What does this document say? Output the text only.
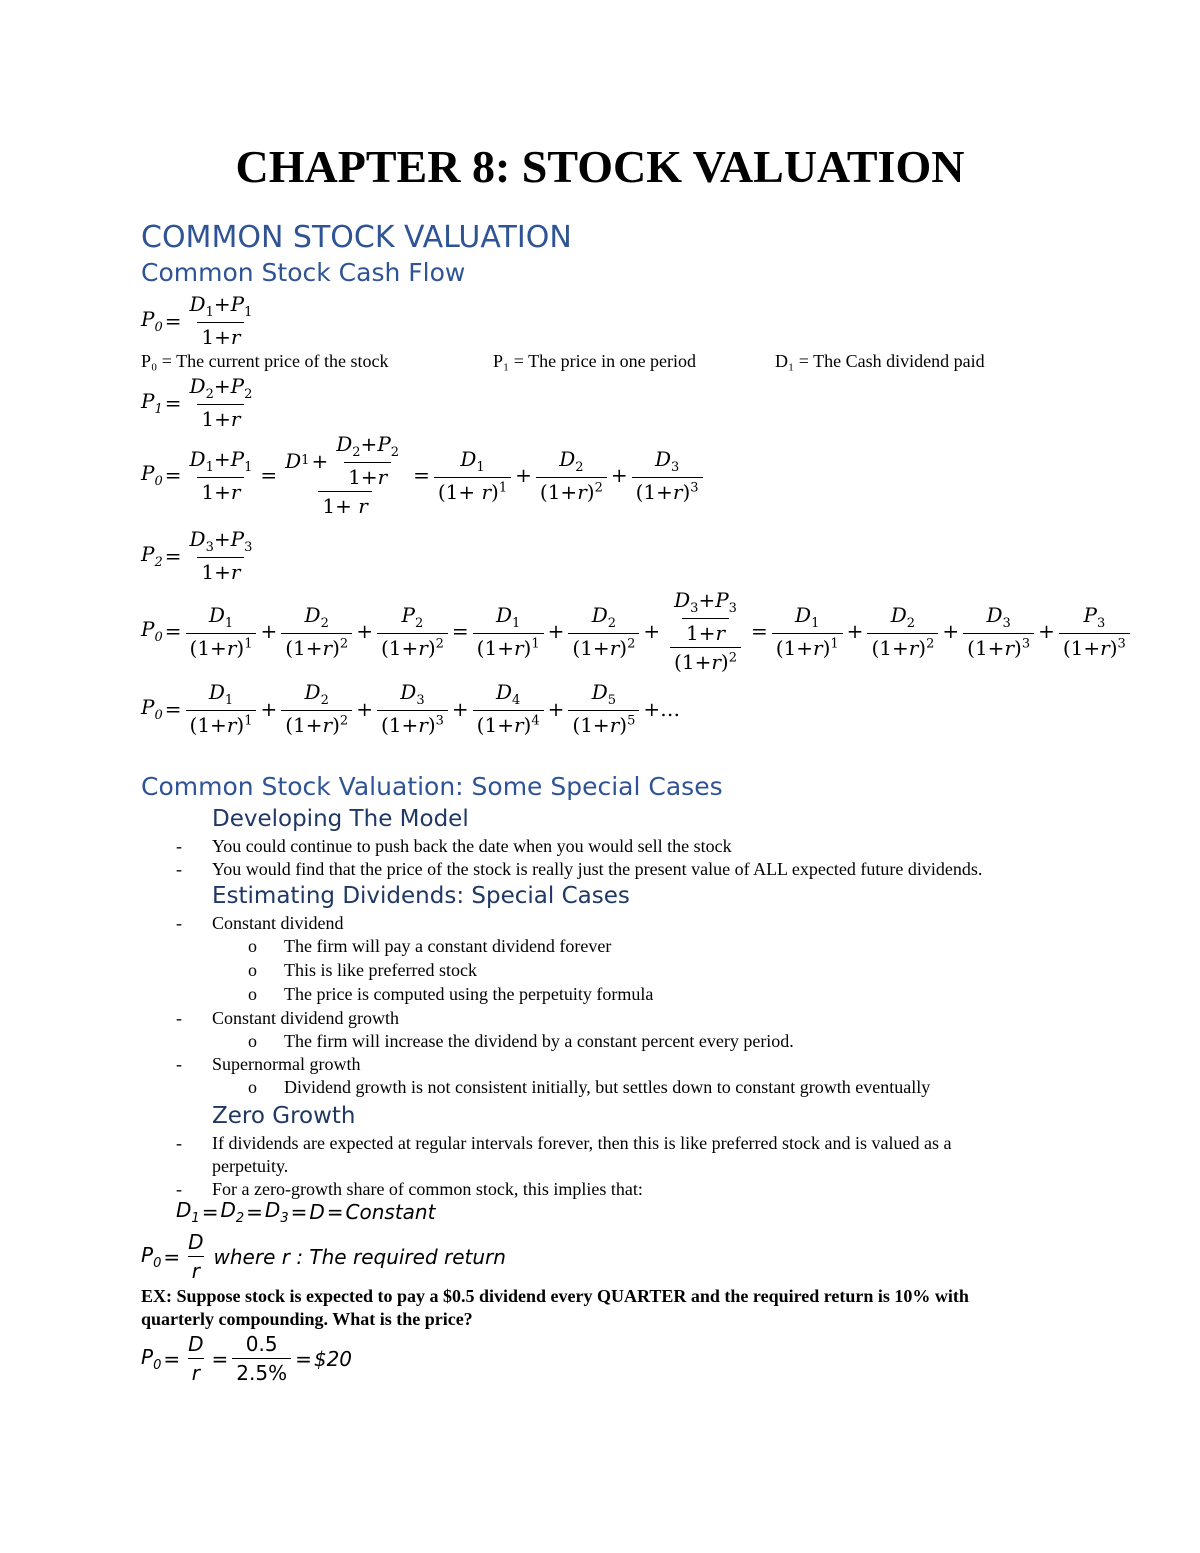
CHAPTER 8: STOCK VALUATION
COMMON STOCK VALUATION
Common Stock Cash Flow
$P_0 = \frac{D_1+P_1}{1+r}$
P₀ = The current price of the stock	P₁ = The price in one period	D₁ = The Cash dividend paid
$P_1 = \frac{D_2+P_2}{1+r}$
$P_0 = \frac{D_1+P_1}{1+r} = \frac{D 1 + \frac{D_2+P_2}{1+r}}{1+ r} = \frac{D_1}{(1+ r)^1} + \frac{D_2}{(1+r)^2} + \frac{D_3}{(1+r)^3}$
$P_2 = \frac{D_3+P_3}{1+r}$
$P_0 = \frac{D_1}{(1+r)^1} + \frac{D_2}{(1+r)^2} + \frac{P_2}{(1+r)^2} = \frac{D_1}{(1+r)^1} + \frac{D_2}{(1+r)^2} + \frac{\frac{D_3+P_3}{1+r}}{(1+r)^2} = \frac{D_1}{(1+r)^1} + \frac{D_2}{(1+r)^2} + \frac{D_3}{(1+r)^3} + \frac{P_3}{(1+r)^3}$
$P_0 = \frac{D_1}{(1+r)^1} + \frac{D_2}{(1+r)^2} + \frac{D_3}{(1+r)^3} + \frac{D_4}{(1+r)^4} + \frac{D_5}{(1+r)^5}$ +…
Common Stock Valuation: Some Special Cases
Developing The Model
- You could continue to push back the date when you would sell the stock
- You would find that the price of the stock is really just the present value of ALL expected future dividends.
Estimating Dividends: Special Cases
- Constant dividend
o The firm will pay a constant dividend forever
o This is like preferred stock
o The price is computed using the perpetuity formula
- Constant dividend growth
o The firm will increase the dividend by a constant percent every period.
- Supernormal growth
o Dividend growth is not consistent initially, but settles down to constant growth eventually
Zero Growth
- If dividends are expected at regular intervals forever, then this is like preferred stock and is valued as a
perpetuity.
- For a zero-growth share of common stock, this implies that:
$D_1 = D_2 = D_3 = D$ = Constant
$P_0 = \frac{D}{r}$ where r : The required return
EX: Suppose stock is expected to pay a $0.5 dividend every QUARTER and the required return is 10% with
quarterly compounding. What is the price?
$P_0 = \frac{D}{r} = \frac{0.5}{2.5\%}$ = $20
